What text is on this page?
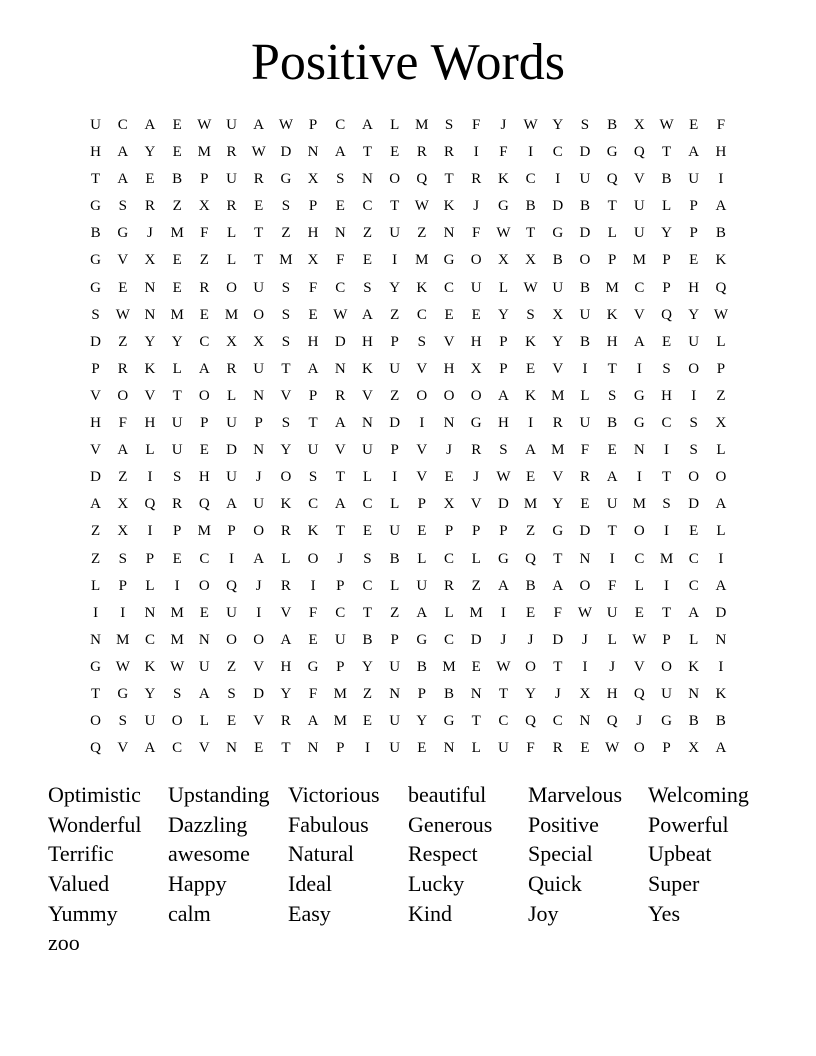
Positive Words
U	C	A	E	W U	A W	P	C	A	L	M	S	F	J	W Y	S	B	X W	E	F
H	A	Y	E	M	R	W D	N	A	T	E	R	R	I	F	I	C	D	G	Q	T	A	H
T	A	E	B	P	U	R	G	X	S	N	O	Q	T	R	K	C	I	U	Q	V	B	U	I
G	S	R	Z	X	R	E	S	P	E	C	T	W K	J	G	B	D	B	T	U	L	P	A
B	G	J	M	F	L	T	Z	H	N	Z	U	Z	N	F	W	T	G	D	L	U	Y	P	B
G	V	X	E	Z	L	T	M	X	F	E	I	M	G	O	X	X	B	O	P	M	P	E	K
G	E	N	E	R	O	U	S	F	C	S	Y	K	C	U	L	W U	B	M	C	P	H	Q
S	W N	M	E	M	O	S	E	W A	Z	C	E	E	Y	S	X	U	K	V	Q	Y W
D	Z	Y	Y	C	X	X	S	H	D	H	P	S	V	H	P	K	Y	B	H	A	E	U	L
P	R	K	L	A	R	U	T	A	N	K	U	V	H	X	P	E	V	I	T	I	S	O	P
V	O	V	T	O	L	N	V	P	R	V	Z	O	O	O	A	K	M	L	S	G	H	I	Z
H	F	H	U	P	U	P	S	T	A	N	D	I	N	G	H	I	R	U	B	G	C	S	X
V	A	L	U	E	D	N	Y	U	V	U	P	V	J	R	S	A	M	F	E	N	I	S	L
D	Z	I	S	H	U	J	O	S	T	L	I	V	E	J	W	E	V	R	A	I	T	O	O
A	X	Q	R	Q	A	U	K	C	A	C	L	P	X	V	D	M	Y	E	U	M	S	D	A
Z	X	I	P	M	P	O	R	K	T	E	U	E	P	P	P	Z	G	D	T	O	I	E	L
Z	S	P	E	C	I	A	L	O	J	S	B	L	C	L	G	Q	T	N	I	C	M	C	I
L	P	L	I	O	Q	J	R	I	P	C	L	U	R	Z	A	B	A	O	F	L	I	C	A
I	I	N	M	E	U	I	V	F	C	T	Z	A	L	M	I	E	F	W U	E	T	A	D
N	M	C	M	N	O	O	A	E	U	B	P	G	C	D	J	J	D	J	L	W	P	L	N
G W K W U	Z	V	H	G	P	Y	U	B	M	E	W O	T	I	J	V	O	K	I
T	G	Y	S	A	S	D	Y	F	M	Z	N	P	B	N	T	Y	J	X	H	Q	U	N	K
O	S	U	O	L	E	V	R	A	M	E	U	Y	G	T	C	Q	C	N	Q	J	G	B	B
Q	V	A	C	V	N	E	T	N	P	I	U	E	N	L	U	F	R	E	W O	P	X	A
Optimistic	Upstanding Victorious	beautiful	Marvelous	Welcoming
Wonderful	Dazzling	Fabulous	Generous	Positive	Powerful
Terrific	awesome	Natural	Respect	Special	Upbeat
Valued	Happy	Ideal	Lucky	Quick	Super
Yummy	calm	Easy	Kind	Joy	Yes
zoo
